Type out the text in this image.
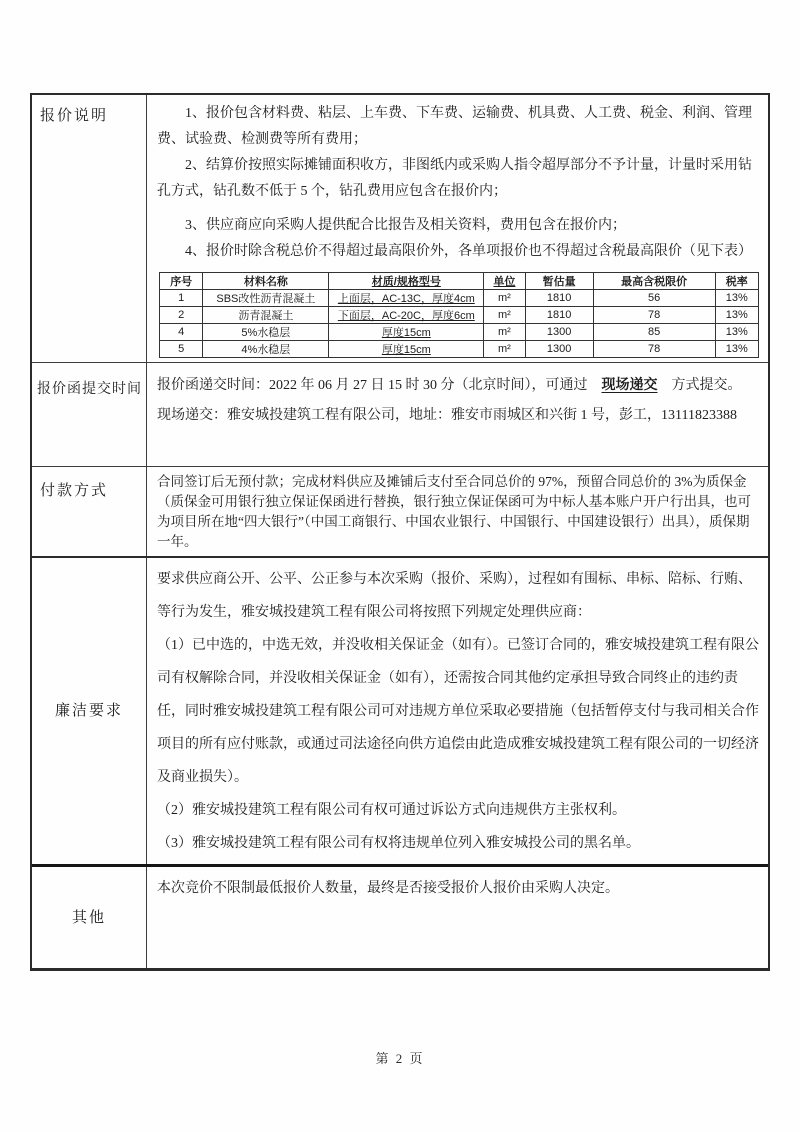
报价说明	1、报价包含材料费、粘层、上车费、下车费、运输费、机具费、人工费、税金、利润、管理费、试验费、检测费等所有费用；

2、结算价按照实际摊铺面积收方，非图纸内或采购人指令超厚部分不予计量，计量时采用钻孔方式，钻孔数不低于 5 个，钻孔费用应包含在报价内；

3、供应商应向采购人提供配合比报告及相关资料，费用包含在报价内；

4、报价时除含税总价不得超过最高限价外，各单项报价也不得超过含税最高限价（见下表）

序号	材料名称	材质/规格型号	单位	暂估量	最高含税限价	税率
1	SBS改性沥青混凝土	上面层，AC-13C，厚度4cm	m²	1810	56	13%
2	沥青混凝土	下面层，AC-20C，厚度6cm	m²	1810	78	13%
4	5%水稳层	厚度15cm	m²	1300	85	13%
5	4%水稳层	厚度15cm	m²	1300	78	13%
报价函提交时间	报价函递交时间：2022 年 06 月 27 日 15 时 30 分（北京时间），可通过 现场递交 方式提交。

现场递交：雅安城投建筑工程有限公司，地址：雅安市雨城区和兴街 1 号，彭工，13111823388

付款方式

合同签订后无预付款；完成材料供应及摊铺后支付至合同总价的 97%，预留合同总价的 3%为质保金（质保金可用银行独立保证保函进行替换，银行独立保证保函可为中标人基本账户开户行出具，也可为项目所在地“四大银行”（中国工商银行、中国农业银行、中国银行、中国建设银行）出具），质保期一年。

廉洁要求

要求供应商公开、公平、公正参与本次采购（报价、采购），过程如有围标、串标、陪标、行贿、等行为发生，雅安城投建筑工程有限公司将按照下列规定处理供应商：

（1）已中选的，中选无效，并没收相关保证金（如有）。已签订合同的，雅安城投建筑工程有限公司有权解除合同，并没收相关保证金（如有），还需按合同其他约定承担导致合同终止的违约责任，同时雅安城投建筑工程有限公司可对违规方单位采取必要措施（包括暂停支付与我司相关合作项目的所有应付账款，或通过司法途径向供方追偿由此造成雅安城投建筑工程有限公司的一切经济及商业损失）。

（2）雅安城投建筑工程有限公司有权可通过诉讼方式向违规供方主张权利。

（3）雅安城投建筑工程有限公司有权将违规单位列入雅安城投公司的黑名单。

其他

本次竞价不限制最低报价人数量，最终是否接受报价人报价由采购人决定。

第 2 页
